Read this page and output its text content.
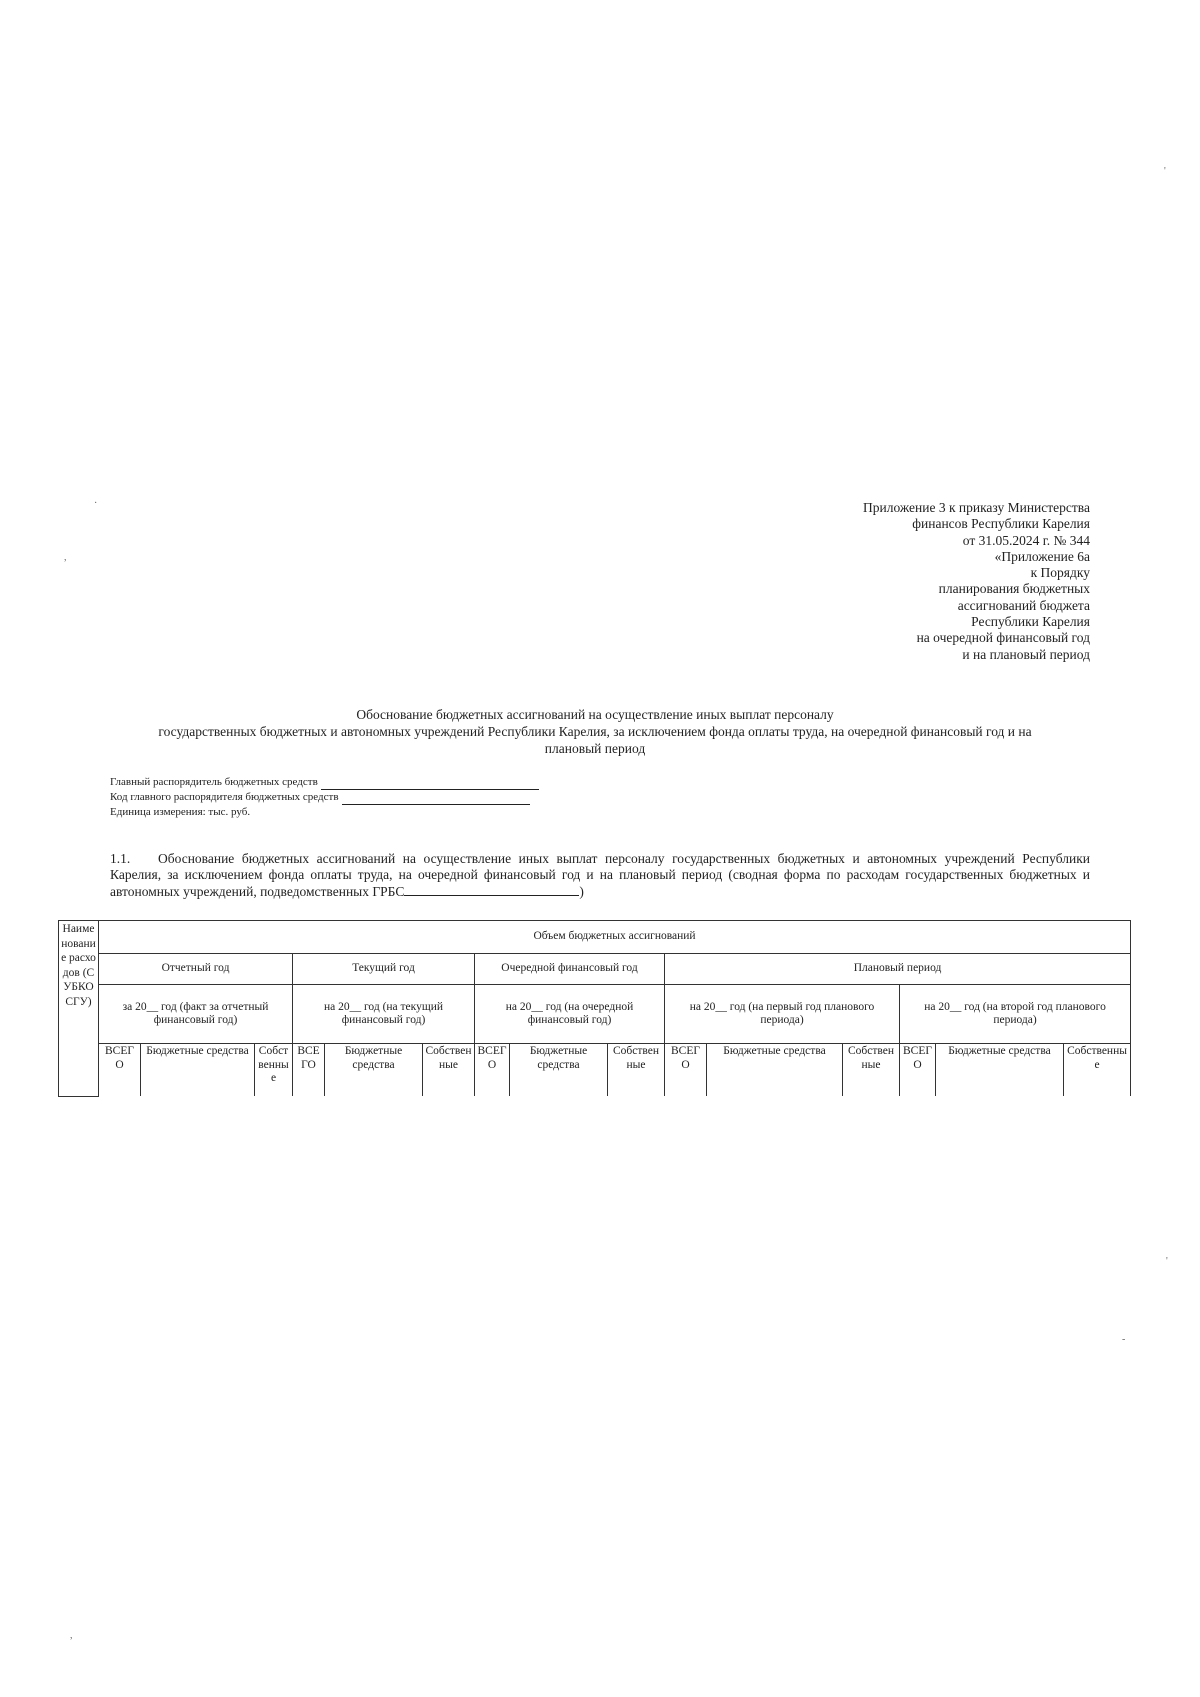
Приложение 3 к приказу Министерства
финансов Республики Карелия
от 31.05.2024 г. № 344
«Приложение 6а
к Порядку
планирования бюджетных
ассигнований бюджета
Республики Карелия
на очередной финансовый год
и на плановый период
Обоснование бюджетных ассигнований на осуществление иных выплат персоналу
государственных бюджетных и автономных учреждений Республики Карелия, за исключением фонда оплаты труда, на очередной финансовый год и на
плановый период
Главный распорядитель бюджетных средств
Код главного распорядителя бюджетных средств
Единица измерения: тыс. руб.
1.1. Обоснование бюджетных ассигнований на осуществление иных выплат персоналу государственных бюджетных и автономных учреждений Республики Карелия, за исключением фонда оплаты труда, на очередной финансовый год и на плановый период (сводная форма по расходам государственных бюджетных и автономных учреждений, подведомственных ГРБС	)
Наименование расходов (СУБКОСГУ)	Объем бюджетных ассигнований														
	Отчетный год			Текущий год			Очередной финансовый год			Плановый период					
	за 20__ год (факт за отчетный финансовый год)			на 20__ год (на текущий финансовый год)			на 20__ год (на очередной финансовый год)			на 20__ год (на первый год планового периода)			на 20__ год (на второй год планового периода)		
	ВСЕГО	Бюджетные средства	Собственные	ВСЕГО	Бюджетные средства	Собственные	ВСЕГО	Бюджетные средства	Собственные	ВСЕГО	Бюджетные средства	Собственные	ВСЕГО	Бюджетные средства	Собственные
'
·
,
'
-
,
